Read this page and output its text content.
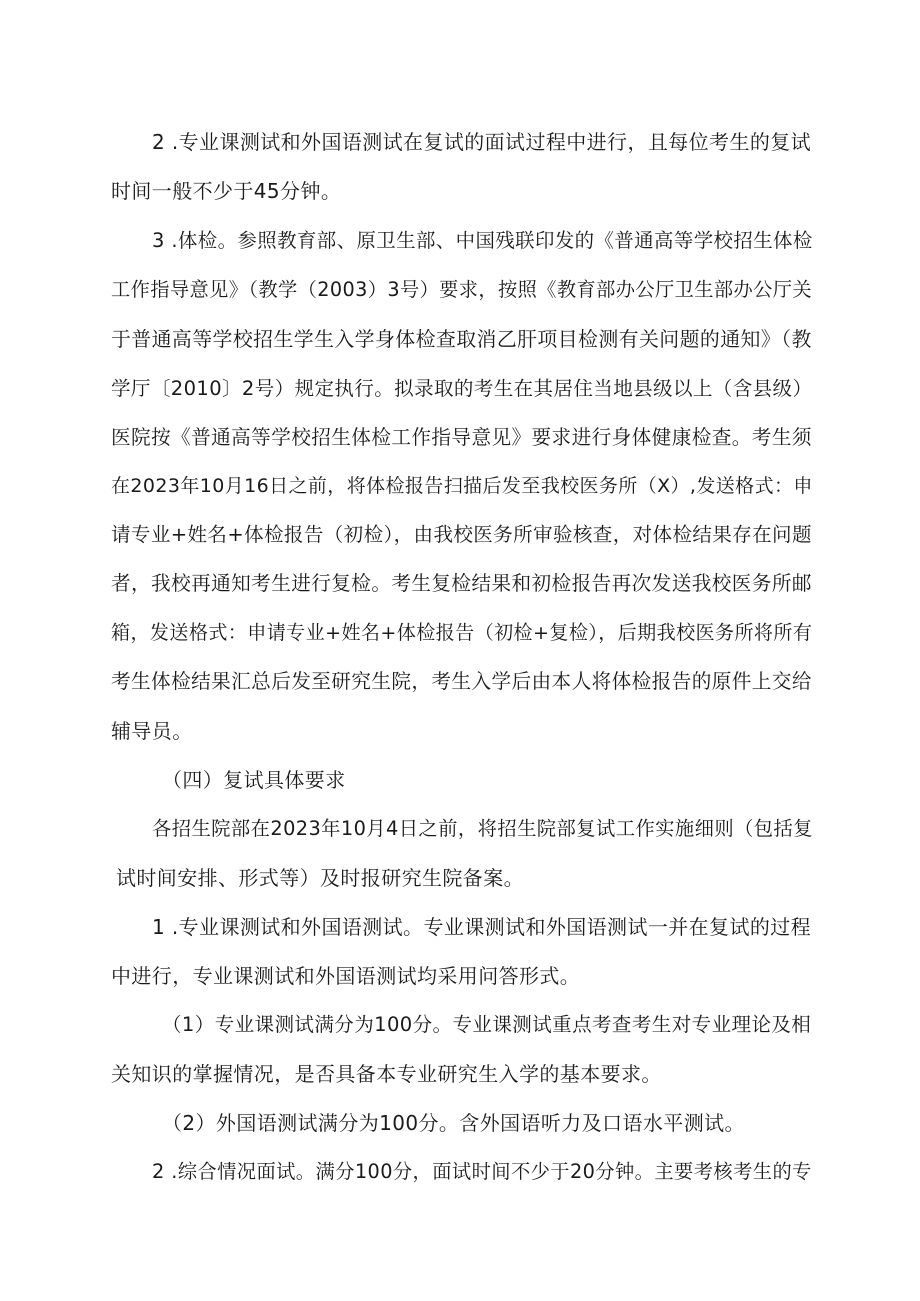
2 .专业课测试和外国语测试在复试的面试过程中进行，且每位考生的复试
时间一般不少于45分钟。
3 .体检。参照教育部、原卫生部、中国残联印发的《普通高等学校招生体检
工作指导意见》（教学（2003）3号）要求，按照《教育部办公厅卫生部办公厅关
于普通高等学校招生学生入学身体检查取消乙肝项目检测有关问题的通知》（教
学厅〔2010〕2号）规定执行。拟录取的考生在其居住当地县级以上（含县级）
医院按《普通高等学校招生体检工作指导意见》要求进行身体健康检查。考生须
在2023年10月16日之前，将体检报告扫描后发至我校医务所（X）,发送格式：申
请专业+姓名+体检报告（初检），由我校医务所审验核查，对体检结果存在问题
者，我校再通知考生进行复检。考生复检结果和初检报告再次发送我校医务所邮
箱，发送格式：申请专业+姓名+体检报告（初检+复检），后期我校医务所将所有
考生体检结果汇总后发至研究生院，考生入学后由本人将体检报告的原件上交给
辅导员。
（四）复试具体要求
各招生院部在2023年10月4日之前，将招生院部复试工作实施细则（包括复
试时间安排、形式等）及时报研究生院备案。
1 .专业课测试和外国语测试。专业课测试和外国语测试一并在复试的过程
中进行，专业课测试和外国语测试均采用问答形式。
（1）专业课测试满分为100分。专业课测试重点考查考生对专业理论及相
关知识的掌握情况，是否具备本专业研究生入学的基本要求。
（2）外国语测试满分为100分。含外国语听力及口语水平测试。
2 .综合情况面试。满分100分，面试时间不少于20分钟。主要考核考生的专
